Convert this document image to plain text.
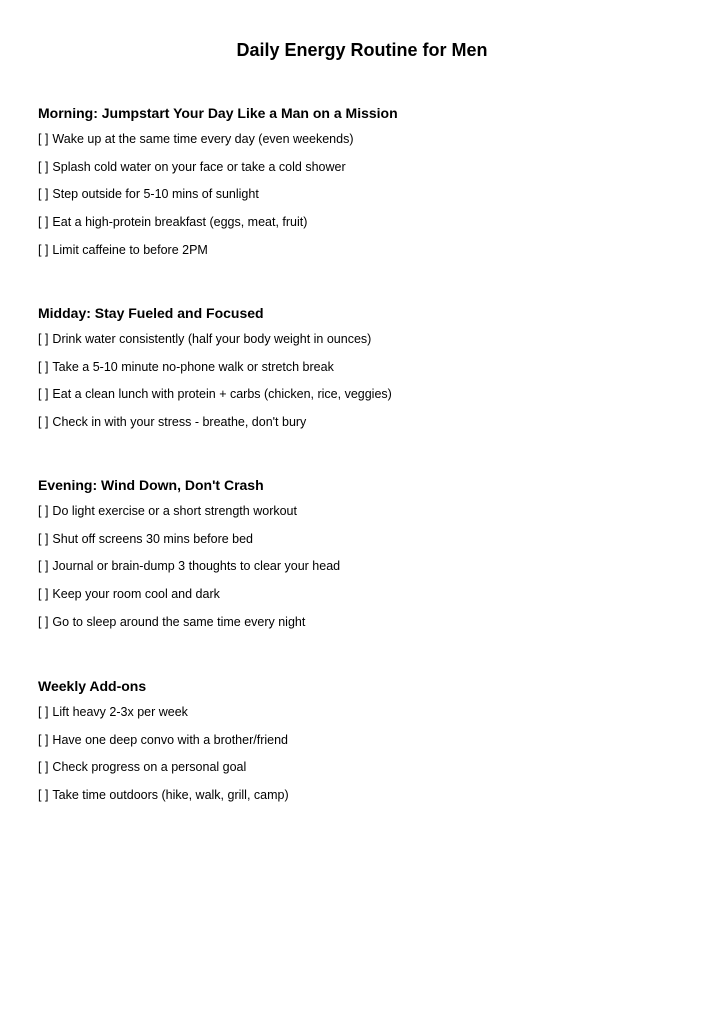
Daily Energy Routine for Men
Morning: Jumpstart Your Day Like a Man on a Mission
[ ] Wake up at the same time every day (even weekends)
[ ] Splash cold water on your face or take a cold shower
[ ] Step outside for 5-10 mins of sunlight
[ ] Eat a high-protein breakfast (eggs, meat, fruit)
[ ] Limit caffeine to before 2PM
Midday: Stay Fueled and Focused
[ ] Drink water consistently (half your body weight in ounces)
[ ] Take a 5-10 minute no-phone walk or stretch break
[ ] Eat a clean lunch with protein + carbs (chicken, rice, veggies)
[ ] Check in with your stress - breathe, don't bury
Evening: Wind Down, Don't Crash
[ ] Do light exercise or a short strength workout
[ ] Shut off screens 30 mins before bed
[ ] Journal or brain-dump 3 thoughts to clear your head
[ ] Keep your room cool and dark
[ ] Go to sleep around the same time every night
Weekly Add-ons
[ ] Lift heavy 2-3x per week
[ ] Have one deep convo with a brother/friend
[ ] Check progress on a personal goal
[ ] Take time outdoors (hike, walk, grill, camp)
